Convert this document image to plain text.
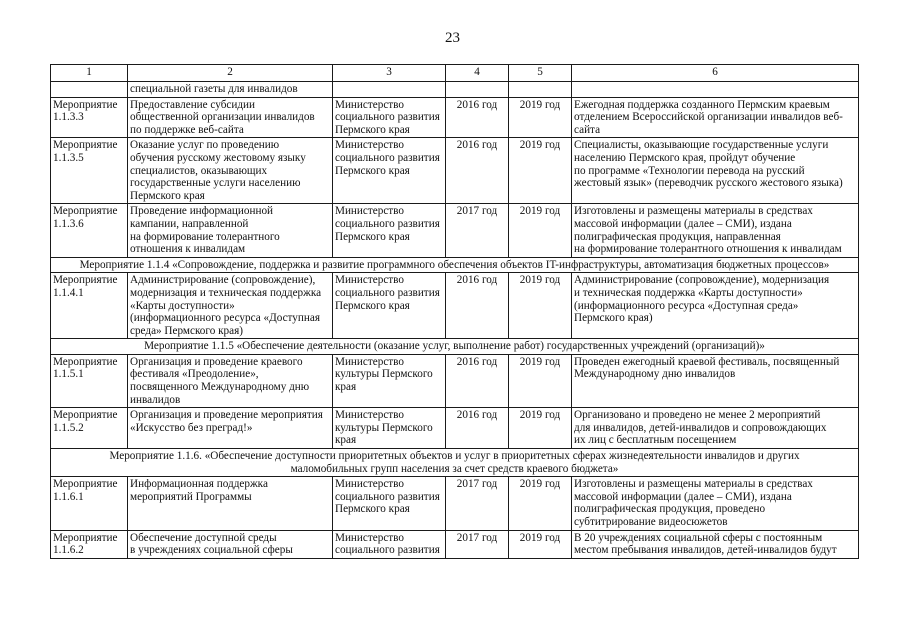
23
1	2	3	4	5	6
	специальной газеты для инвалидов				

Мероприятие
1.1.3.3	Предоставление субсидии
общественной организации инвалидов
по поддержке веб-сайта	Министерство
социального развития
Пермского края	2016 год	2019 год	Ежегодная поддержка созданного Пермским краевым
отделением Всероссийской организации инвалидов веб-
сайта

Мероприятие
1.1.3.5	Оказание услуг по проведению
обучения русскому жестовому языку
специалистов, оказывающих
государственные услуги населению
Пермского края	Министерство
социального развития
Пермского края	2016 год	2019 год	Специалисты, оказывающие государственные услуги
населению Пермского края, пройдут обучение
по программе «Технологии перевода на русский
жестовый язык» (переводчик русского жестового языка)

Мероприятие
1.1.3.6	Проведение информационной
кампании, направленной
на формирование толерантного
отношения к инвалидам	Министерство
социального развития
Пермского края	2017 год	2019 год	Изготовлены и размещены материалы в средствах
массовой информации (далее – СМИ), издана
полиграфическая продукция, направленная
на формирование толерантного отношения к инвалидам

Мероприятие 1.1.4 «Сопровождение, поддержка и развитие программного обеспечения объектов IT-инфраструктуры, автоматизация бюджетных процессов»					

Мероприятие
1.1.4.1	Администрирование (сопровождение),
модернизация и техническая поддержка
«Карты доступности»
(информационного ресурса «Доступная
среда» Пермского края)	Министерство
социального развития
Пермского края	2016 год	2019 год	Администрирование (сопровождение), модернизация
и техническая поддержка «Карты доступности»
(информационного ресурса «Доступная среда»
Пермского края)

Мероприятие 1.1.5 «Обеспечение деятельности (оказание услуг, выполнение работ) государственных учреждений (организаций)»					

Мероприятие
1.1.5.1	Организация и проведение краевого
фестиваля «Преодоление»,
посвященного Международному дню
инвалидов	Министерство
культуры Пермского
края	2016 год	2019 год	Проведен ежегодный краевой фестиваль, посвященный
Международному дню инвалидов

Мероприятие
1.1.5.2	Организация и проведение мероприятия
«Искусство без преград!»	Министерство
культуры Пермского
края	2016 год	2019 год	Организовано и проведено не менее 2 мероприятий
для инвалидов, детей-инвалидов и сопровождающих
их лиц с бесплатным посещением

Мероприятие 1.1.6. «Обеспечение доступности приоритетных объектов и услуг в приоритетных сферах жизнедеятельности инвалидов и других
маломобильных групп населения за счет средств краевого бюджета»					

Мероприятие
1.1.6.1	Информационная поддержка
мероприятий Программы	Министерство
социального развития
Пермского края	2017 год	2019 год	Изготовлены и размещены материалы в средствах
массовой информации (далее – СМИ), издана
полиграфическая продукция, проведено
субтитрирование видеосюжетов

Мероприятие
1.1.6.2	Обеспечение доступной среды
в учреждениях социальной сферы	Министерство
социального развития	2017 год	2019 год	В 20 учреждениях социальной сферы с постоянным
местом пребывания инвалидов, детей-инвалидов будут
